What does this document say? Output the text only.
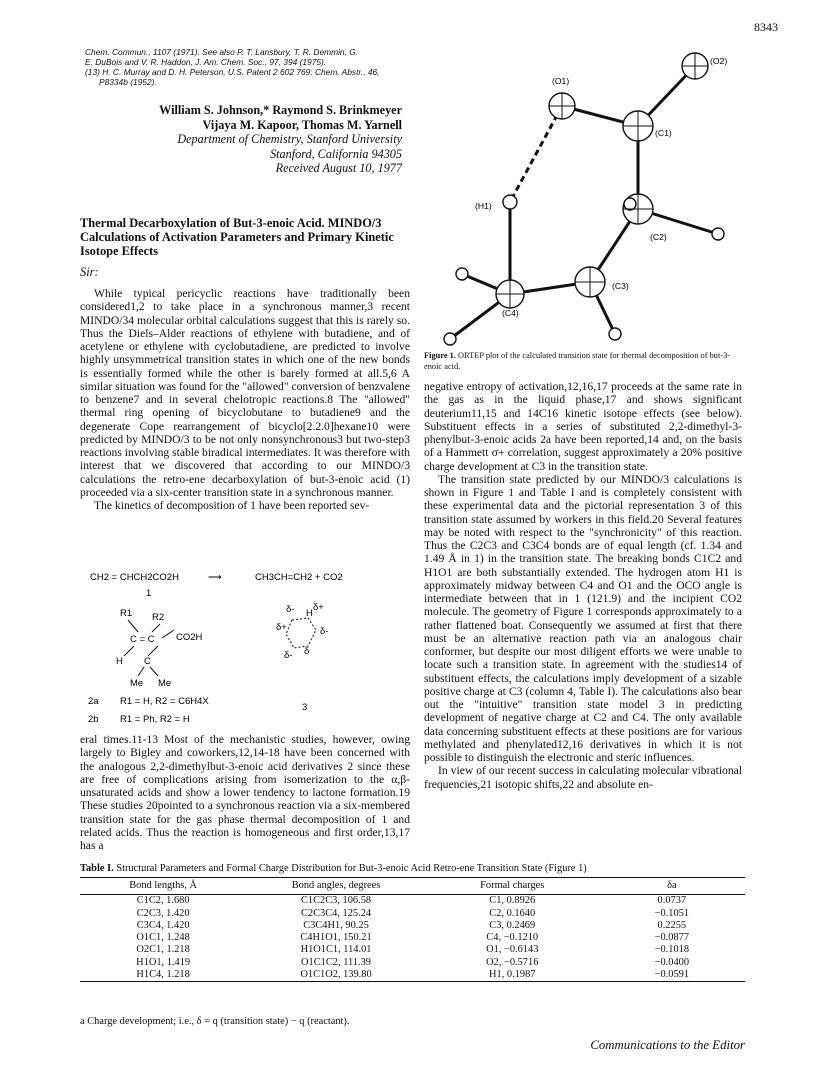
8343
Chem. Commun., 1107 (1971). See also P. T. Lansbury, T. R. Demmin, G.
E. DuBois and V. R. Haddon, J. Am. Chem. Soc., 97, 394 (1975).
(13) H. C. Murray and D. H. Peterson, U.S. Patent 2 602 769; Chem. Abstr., 46,
P8334b (1952).
William S. Johnson,* Raymond S. Brinkmeyer
Vijaya M. Kapoor, Thomas M. Yarnell
Department of Chemistry, Stanford University
Stanford, California 94305
Received August 10, 1977
Thermal Decarboxylation of But-3-enoic Acid. MINDO/3 Calculations of Activation Parameters and Primary Kinetic Isotope Effects
Sir:

While typical pericyclic reactions have traditionally been considered1,2 to take place in a synchronous manner,3 recent MINDO/34 molecular orbital calculations suggest that this is rarely so. Thus the Diels–Alder reactions of ethylene with butadiene, and of acetylene or ethylene with cyclobutadiene, are predicted to involve highly unsymmetrical transition states in which one of the new bonds is essentially formed while the other is barely formed at all.5,6 A similar situation was found for the "allowed" conversion of benzvalene to benzene7 and in several chelotropic reactions.8 The "allowed" thermal ring opening of bicyclobutane to butadiene9 and the degenerate Cope rearrangement of bicyclo[2.2.0]hexane10 were predicted by MINDO/3 to be not only nonsynchronous3 but two-step3 reactions involving stable biradical intermediates. It was therefore with interest that we discovered that according to our MINDO/3 calculations the retro-ene decarboxylation of but-3-enoic acid (1) proceeded via a six-center transition state in a synchronous manner.

The kinetics of decomposition of 1 have been reported sev-

CH2 = CHCH2CO2H	⟶	CH3CH=CH2 + CO2
1
R1 R2
C = C CO2H
H C
Me Me
2a R1 = H, R2 = C6H4X
2b R1 = Ph, R2 = H
3
δ- H
δ+
δ+	δ-
δ- δ

eral times.11-13 Most of the mechanistic studies, however, owing largely to Bigley and coworkers,12,14-18 have been concerned with the analogous 2,2-dimethylbut-3-enoic acid derivatives 2 since these are free of complications arising from isomerization to the α,β-unsaturated acids and show a lower tendency to lactone formation.19 These studies 20pointed to a synchronous reaction via a six-membered transition state for the gas phase thermal decomposition of 1 and related acids. Thus the reaction is homogeneous and first order,13,17 has a

(O2)
(O1)
(C1)
(H1)
(C2)
(C3)
(C4)
Figure 1. ORTEP plot of the calculated transition state for thermal decomposition of but-3-enoic acid.

negative entropy of activation,12,16,17 proceeds at the same rate in the gas as in the liquid phase,17 and shows significant deuterium11,15 and 14C16 kinetic isotope effects (see below). Substituent effects in a series of substituted 2,2-dimethyl-3-phenylbut-3-enoic acids 2a have been reported,14 and, on the basis of a Hammett σ+ correlation, suggest approximately a 20% positive charge development at C3 in the transition state.

The transition state predicted by our MINDO/3 calculations is shown in Figure 1 and Table I and is completely consistent with these experimental data and the pictorial representation 3 of this transition state assumed by workers in this field.20 Several features may be noted with respect to the "synchronicity" of this reaction. Thus the C2C3 and C3C4 bonds are of equal length (cf. 1.34 and 1.49 Å in 1) in the transition state. The breaking bonds C1C2 and H1O1 are both substantially extended. The hydrogen atom H1 is approximately midway between C4 and O1 and the OCO angle is intermediate between that in 1 (121.9) and the incipient CO2 molecule. The geometry of Figure 1 corresponds approximately to a rather flattened boat. Consequently we assumed at first that there must be an alternative reaction path via an analogous chair conformer, but despite our most diligent efforts we were unable to locate such a transition state. In agreement with the studies14 of substituent effects, the calculations imply development of a sizable positive charge at C3 (column 4, Table I). The calculations also bear out the "intuitive" transition state model 3 in predicting development of negative charge at C2 and C4. The only available data concerning substituent effects at these positions are for various methylated and phenylated12,16 derivatives in which it is not possible to distinguish the electronic and steric influences.

In view of our recent success in calculating molecular vibrational frequencies,21 isotopic shifts,22 and absolute en-

Table I. Structural Parameters and Formal Charge Distribution for But-3-enoic Acid Retro-ene Transition State (Figure 1)
Bond lengths, Å	Bond angles, degrees	Formal charges	δa
C1C2, 1.680	C1C2C3, 106.58	C1, 0.8926	0.0737
C2C3, 1.420	C2C3C4, 125.24	C2, 0.1640	−0.1051
C3C4, 1.420	C3C4H1, 90.25	C3, 0.2469	0.2255
O1C1, 1.248	C4H1O1, 150.21	C4, −0.1210	−0.0877
O2C1, 1.218	H1O1C1, 114.01	O1, −0.6143	−0.1018
H1O1, 1.419	O1C1C2, 111.39	O2, −0.5716	−0.0400
H1C4, 1.218	O1C1O2, 139.80	H1, 0.1987	−0.0591
a Charge development; i.e., δ = q (transition state) − q (reactant).
Communications to the Editor
